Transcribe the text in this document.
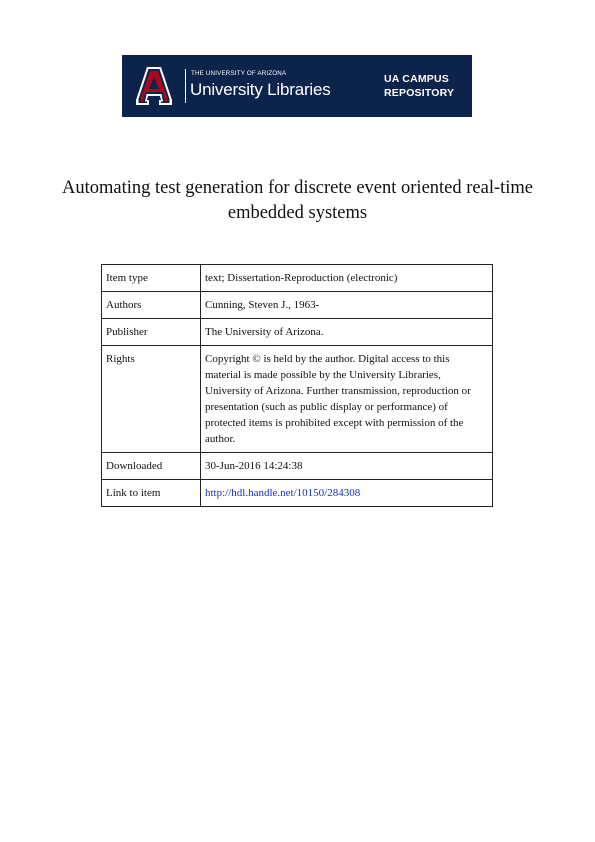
THE UNIVERSITY OF ARIZONA
University Libraries
UA CAMPUS
REPOSITORY
Automating test generation for discrete event oriented real-time embedded systems
Item type	text; Dissertation-Reproduction (electronic)
Authors	Cunning, Steven J., 1963-
Publisher	The University of Arizona.
Rights	Copyright © is held by the author. Digital access to this material is made possible by the University Libraries, University of Arizona. Further transmission, reproduction or presentation (such as public display or performance) of protected items is prohibited except with permission of the author.
Downloaded	30-Jun-2016 14:24:38
Link to item	http://hdl.handle.net/10150/284308
